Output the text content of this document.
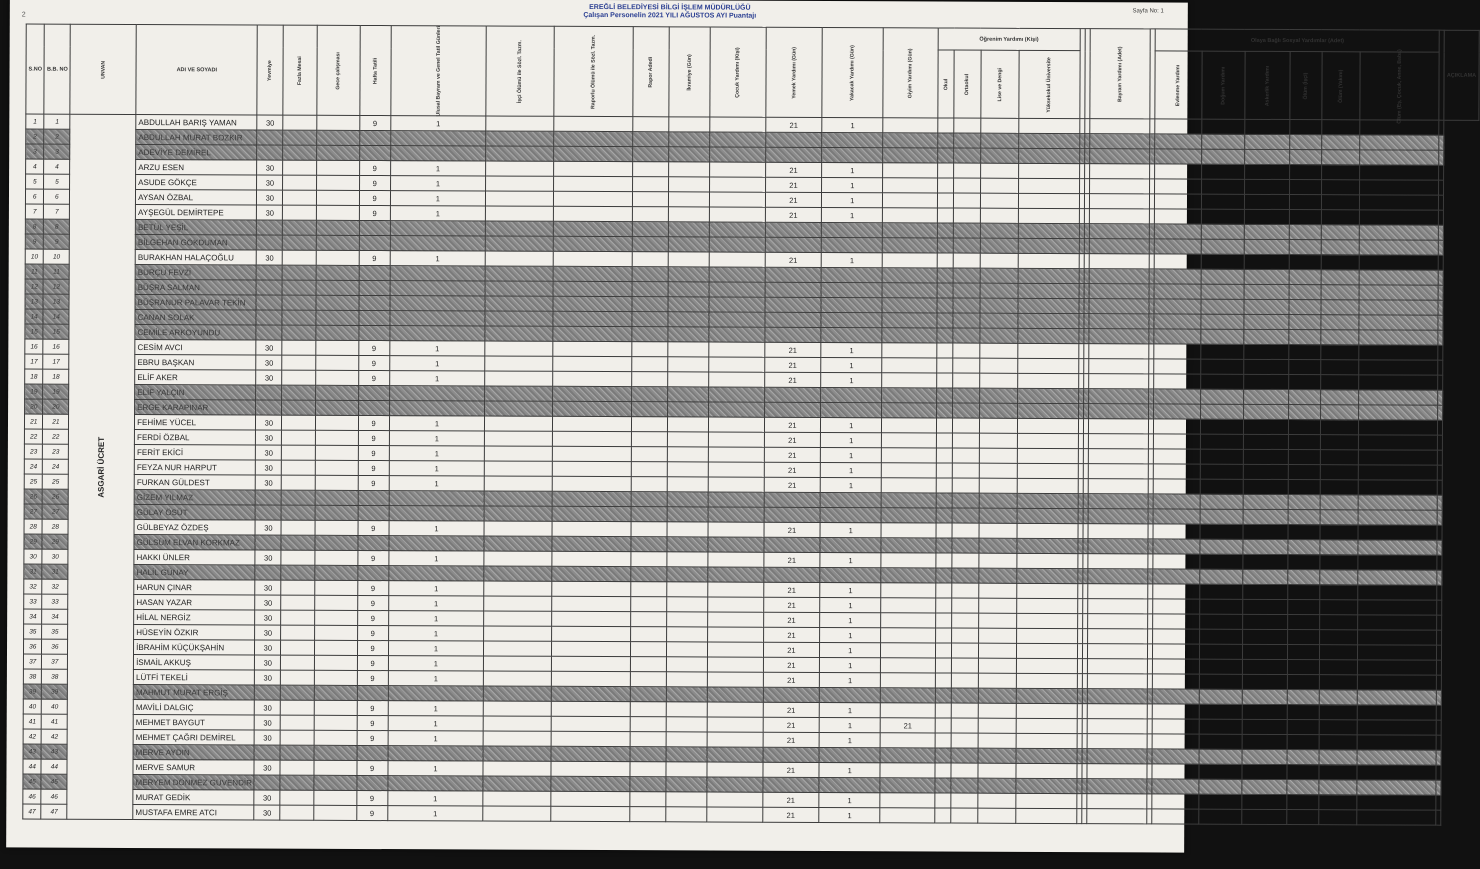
2
EREĞLİ BELEDİYESİ BİLGİ İŞLEM MÜDÜRLÜĞÜ
Çalışan Personelin 2021 YILI AĞUSTOS AYI Puantajı
Sayfa No: 1
S.NO	B.B. NO	UNVAN	ADI VE SOYADI	Yevmiye	Fazla Mesai	Gece çalışması	Hafta Tatili	Ulusal Bayram ve Genel Tatil Günleri	İşçi Ölümü ile Sözl. Tazm.	Raporlu Ölümü ile Sözl. Tazm.	Rapor Adedi	İkramiye (Gün)	Çocuk Yardımı (Kişi)	Yemek Yardımı (Gün)	Yakacak Yardımı (Gün)	Giyim Yardımı (Gün)	Öğrenim Yardımı (Kişi)						Bayram Yardımı (Adet)		Olaya Bağlı Sosyal Yardımlar (Adet)							AÇIKLAMA
																	Okul	Ortaokul	Lise ve Dengi	Yüksekokul Üniversite					Evlenme Yardımı	Doğum Yardımı	Askerlik Yardımı	Ölüm (İşçi)	Ölüm (Yakını)	Ölüm (Eş, Çocuk, Anne, Baba)		
1	1	ASGARİ ÜCRET	ABDULLAH BARIŞ YAMAN	30			9	1						21	1																	
2	2		ABDULLAH MURAT BOZKIR																													
3	3		ADEVİYE DEMİREL																													
4	4		ARZU ESEN	30			9	1						21	1																	
5	5		ASUDE GÖKÇE	30			9	1						21	1																	
6	6		AYSAN ÖZBAL	30			9	1						21	1																	
7	7		AYŞEGÜL DEMİRTEPE	30			9	1						21	1																	
8	8		BETÜL YEŞİL																													
9	9		BİLGEHAN GÖKDUMAN																													
10	10		BURAKHAN HALAÇOĞLU	30			9	1						21	1																	
11	11		BURÇU FEVZİ																													
12	12		BÜŞRA SALMAN																													
13	13		BÜŞRANUR PALAVAR TEKİN																													
14	14		CANAN SOLAK																													
15	15		CEMİLE ARKOYUNDU																													
16	16		CESİM AVCI	30			9	1						21	1																	
17	17		EBRU BAŞKAN	30			9	1						21	1																	
18	18		ELİF AKER	30			9	1						21	1																	
19	19		ELİF YALÇIN																													
20	20		ERGE KARAPINAR																													
21	21		FEHİME YÜCEL	30			9	1						21	1																	
22	22		FERDİ ÖZBAL	30			9	1						21	1																	
23	23		FERİT EKİCİ	30			9	1						21	1																	
24	24		FEYZA NUR HARPUT	30			9	1						21	1																	
25	25		FURKAN GÜLDEST	30			9	1						21	1																	
26	26		GİZEM YILMAZ																													
27	27		GÜLAY ÖSÜT																													
28	28		GÜLBEYAZ ÖZDEŞ	30			9	1						21	1																	
29	29		GÜLSÜM ELVAN KORKMAZ																													
30	30		HAKKI ÜNLER	30			9	1						21	1																	
31	31		HALİL GÜNAY																													
32	32		HARUN ÇINAR	30			9	1						21	1																	
33	33		HASAN YAZAR	30			9	1						21	1																	
34	34		HİLAL NERGİZ	30			9	1						21	1																	
35	35		HÜSEYİN ÖZKIR	30			9	1						21	1																	
36	36		İBRAHİM KÜÇÜKŞAHİN	30			9	1						21	1																	
37	37		İSMAİL AKKUŞ	30			9	1						21	1																	
38	38		LÜTFİ TEKELİ	30			9	1						21	1																	
39	39		MAHMUT MURAT ERGİŞ																													
40	40		MAVİLİ DALGIÇ	30			9	1						21	1																	
41	41		MEHMET BAYGUT	30			9	1						21	1	21																
42	42		MEHMET ÇAĞRI DEMİREL	30			9	1						21	1																	
43	43		MERVE AYDIN																													
44	44		MERVE SAMUR	30			9	1						21	1																	
45	45		MERYEM DÖNMEZ GÜVENDİR																													
46	46		MURAT GEDİK	30			9	1						21	1																	
47	47		MUSTAFA EMRE ATCI	30			9	1						21	1																	
